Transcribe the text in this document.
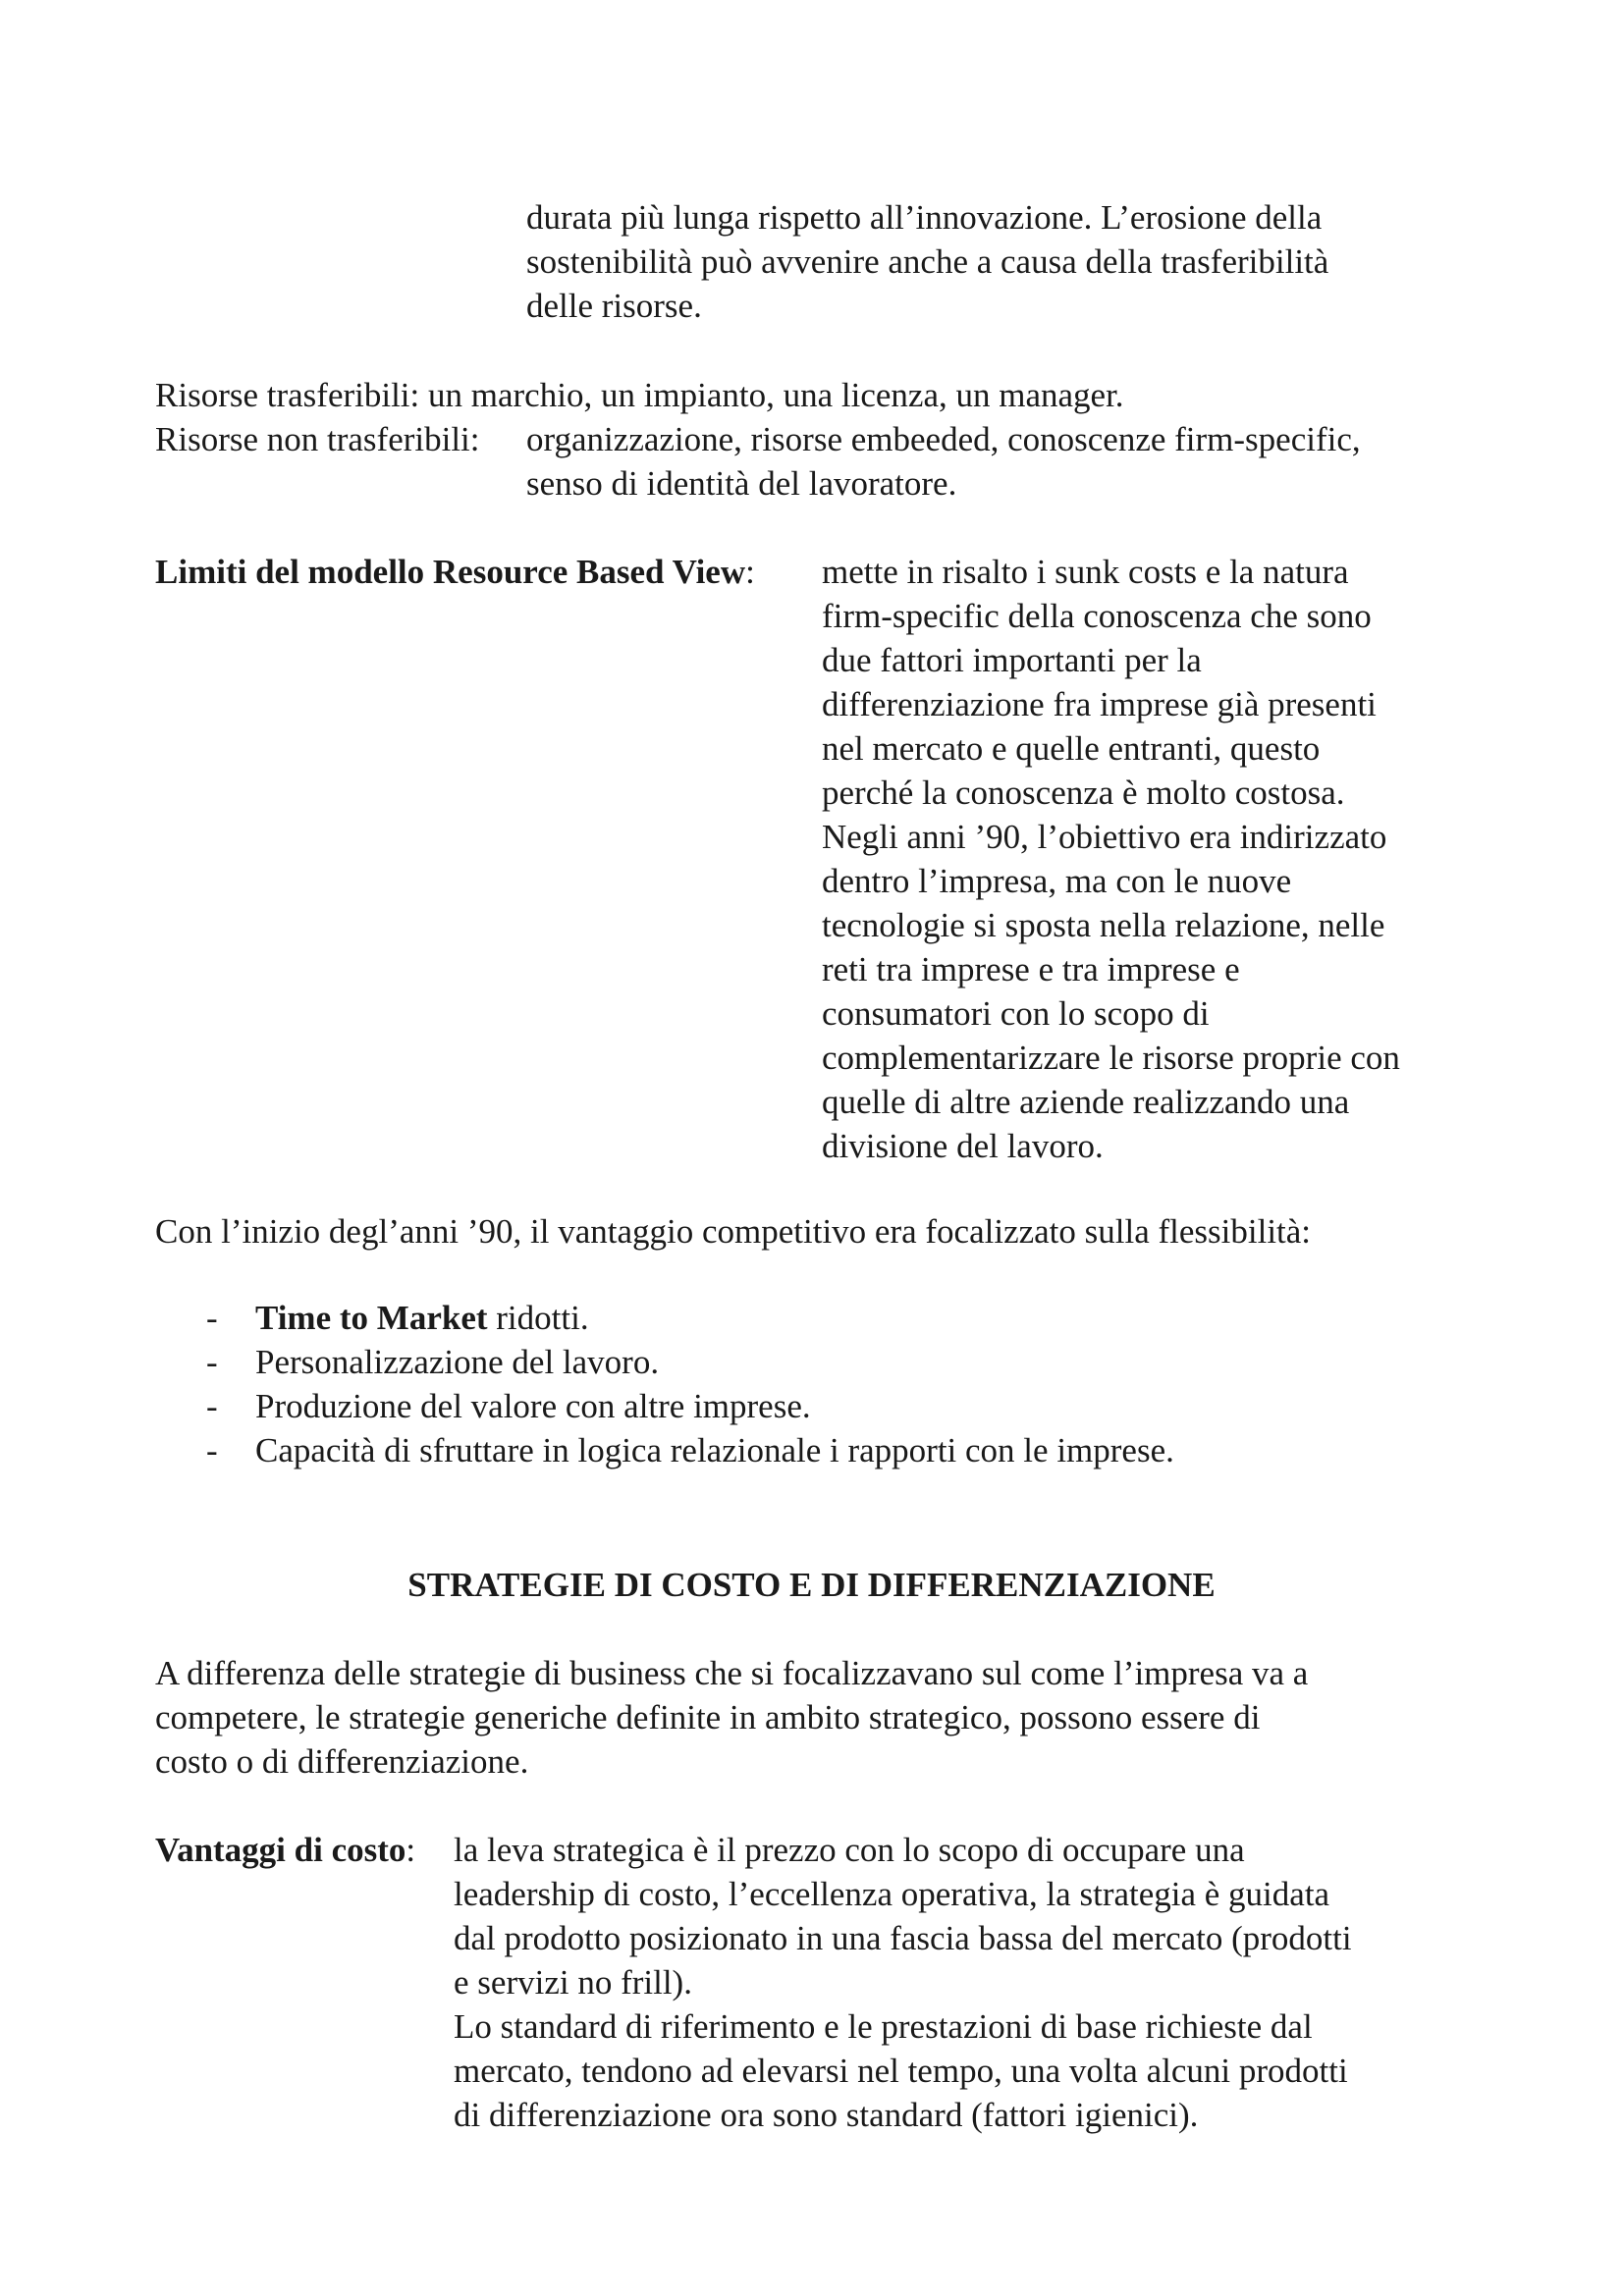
durata più lunga rispetto all’innovazione. L’erosione della
sostenibilità può avvenire anche a causa della trasferibilità
delle risorse.
Risorse trasferibili: un marchio, un impianto, una licenza, un manager.
Risorse non trasferibili: organizzazione, risorse embeeded, conoscenze firm-specific,
senso di identità del lavoratore.
Limiti del modello Resource Based View: mette in risalto i sunk costs e la natura
firm-specific della conoscenza che sono
due fattori importanti per la
differenziazione fra imprese già presenti
nel mercato e quelle entranti, questo
perché la conoscenza è molto costosa.
Negli anni ’90, l’obiettivo era indirizzato
dentro l’impresa, ma con le nuove
tecnologie si sposta nella relazione, nelle
reti tra imprese e tra imprese e
consumatori con lo scopo di
complementarizzare le risorse proprie con
quelle di altre aziende realizzando una
divisione del lavoro.
Con l’inizio degl’anni ’90, il vantaggio competitivo era focalizzato sulla flessibilità:
- Time to Market ridotti.
- Personalizzazione del lavoro.
- Produzione del valore con altre imprese.
- Capacità di sfruttare in logica relazionale i rapporti con le imprese.
STRATEGIE DI COSTO E DI DIFFERENZIAZIONE
A differenza delle strategie di business che si focalizzavano sul come l’impresa va a
competere, le strategie generiche definite in ambito strategico, possono essere di
costo o di differenziazione.
Vantaggi di costo: la leva strategica è il prezzo con lo scopo di occupare una
leadership di costo, l’eccellenza operativa, la strategia è guidata
dal prodotto posizionato in una fascia bassa del mercato (prodotti
e servizi no frill).
Lo standard di riferimento e le prestazioni di base richieste dal
mercato, tendono ad elevarsi nel tempo, una volta alcuni prodotti
di differenziazione ora sono standard (fattori igienici).
